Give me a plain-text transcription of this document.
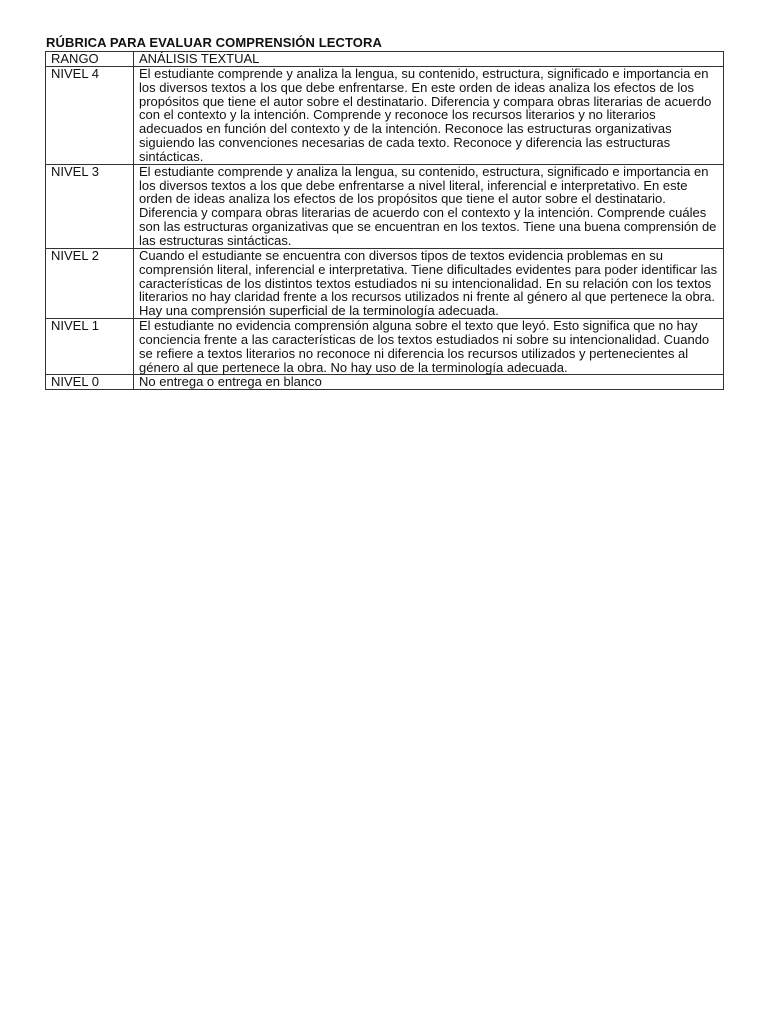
RÚBRICA PARA EVALUAR COMPRENSIÓN LECTORA
RANGO	ANÁLISIS TEXTUAL
NIVEL 4	El estudiante comprende y analiza la lengua, su contenido, estructura, significado e importancia en los diversos textos a los que debe enfrentarse. En este orden de ideas analiza los efectos de los propósitos que tiene el autor sobre el destinatario. Diferencia y compara obras literarias de acuerdo con el contexto y la intención. Comprende y reconoce los recursos literarios y no literarios adecuados en función del contexto y de la intención. Reconoce las estructuras organizativas siguiendo las convenciones necesarias de cada texto. Reconoce y diferencia las estructuras sintácticas.
NIVEL 3	El estudiante comprende y analiza la lengua, su contenido, estructura, significado e importancia en los diversos textos a los que debe enfrentarse a nivel literal, inferencial e interpretativo. En este orden de ideas analiza los efectos de los propósitos que tiene el autor sobre el destinatario. Diferencia y compara obras literarias de acuerdo con el contexto y la intención. Comprende cuáles son las estructuras organizativas que se encuentran en los textos. Tiene una buena comprensión de las estructuras sintácticas.
NIVEL 2	Cuando el estudiante se encuentra con diversos tipos de textos evidencia problemas en su comprensión literal, inferencial e interpretativa. Tiene dificultades evidentes para poder identificar las características de los distintos textos estudiados ni su intencionalidad. En su relación con los textos literarios no hay claridad frente a los recursos utilizados ni frente al género al que pertenece la obra. Hay una comprensión superficial de la terminología adecuada.
NIVEL 1	El estudiante no evidencia comprensión alguna sobre el texto que leyó. Esto significa que no hay conciencia frente a las características de los textos estudiados ni sobre su intencionalidad. Cuando se refiere a textos literarios no reconoce ni diferencia los recursos utilizados y pertenecientes al género al que pertenece la obra. No hay uso de la terminología adecuada.
NIVEL 0	No entrega o entrega en blanco
